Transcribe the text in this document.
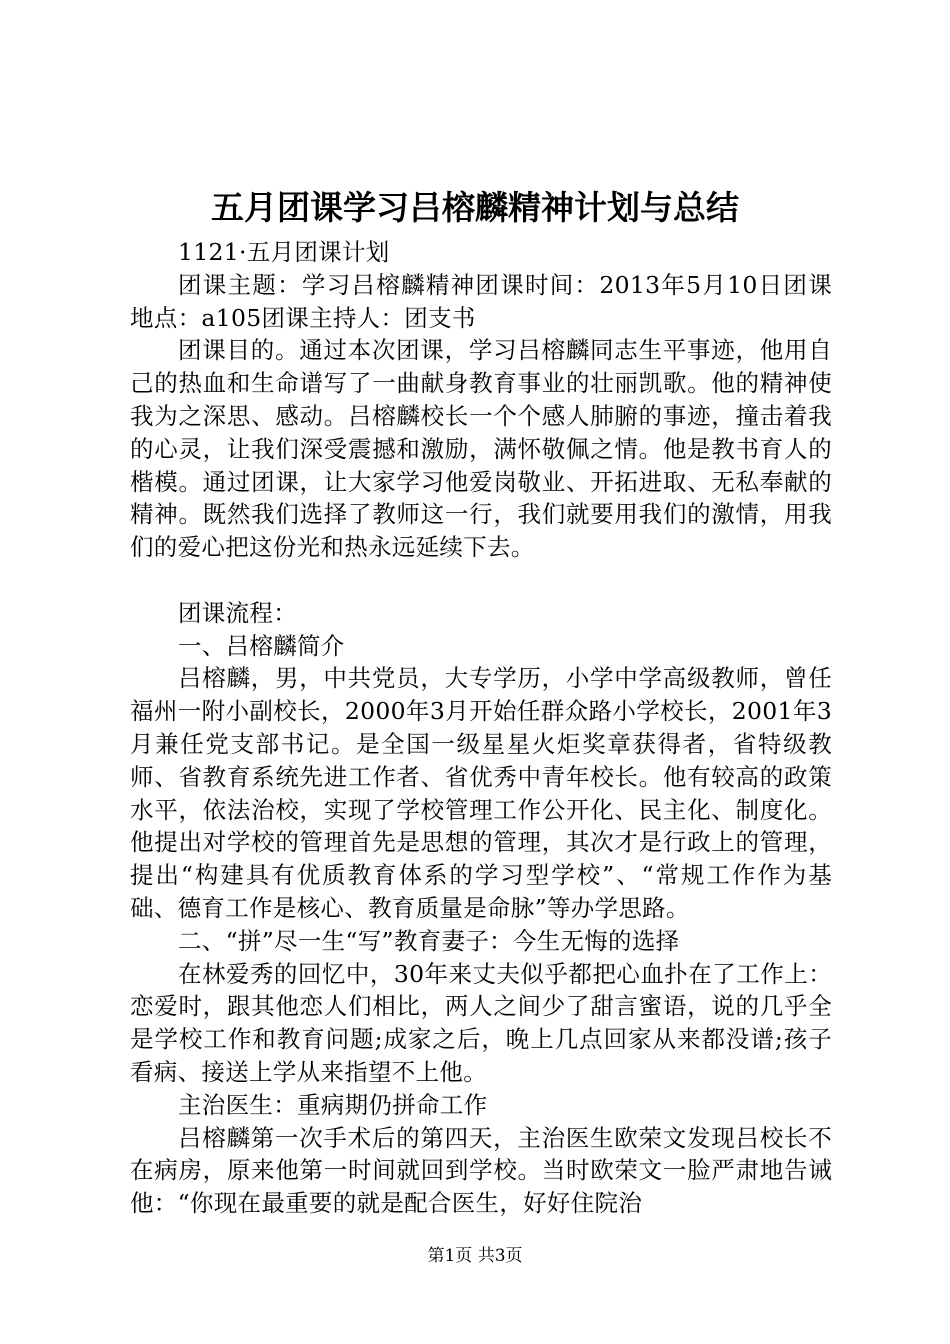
五月团课学习吕榕麟精神计划与总结

1121·五月团课计划

团课主题：学习吕榕麟精神团课时间：2013年5月10日团课地点：a105团课主持人：团支书

团课目的。通过本次团课，学习吕榕麟同志生平事迹，他用自己的热血和生命谱写了一曲献身教育事业的壮丽凯歌。他的精神使我为之深思、感动。吕榕麟校长一个个感人肺腑的事迹，撞击着我的心灵，让我们深受震撼和激励，满怀敬佩之情。他是教书育人的楷模。通过团课，让大家学习他爱岗敬业、开拓进取、无私奉献的精神。既然我们选择了教师这一行，我们就要用我们的激情，用我们的爱心把这份光和热永远延续下去。

团课流程：

一、吕榕麟简介

吕榕麟，男，中共党员，大专学历，小学中学高级教师，曾任福州一附小副校长，2000年3月开始任群众路小学校长，2001年3月兼任党支部书记。是全国一级星星火炬奖章获得者，省特级教师、省教育系统先进工作者、省优秀中青年校长。他有较高的政策水平，依法治校，实现了学校管理工作公开化、民主化、制度化。他提出对学校的管理首先是思想的管理，其次才是行政上的管理，提出“构建具有优质教育体系的学习型学校”、“常规工作作为基础、德育工作是核心、教育质量是命脉”等办学思路。

二、“拼”尽一生“写”教育妻子：今生无悔的选择

在林爱秀的回忆中，30年来丈夫似乎都把心血扑在了工作上：恋爱时，跟其他恋人们相比，两人之间少了甜言蜜语，说的几乎全是学校工作和教育问题;成家之后，晚上几点回家从来都没谱;孩子看病、接送上学从来指望不上他。

主治医生：重病期仍拼命工作

吕榕麟第一次手术后的第四天，主治医生欧荣文发现吕校长不在病房，原来他第一时间就回到学校。当时欧荣文一脸严肃地告诫他：“你现在最重要的就是配合医生，好好住院治

第1页 共3页
